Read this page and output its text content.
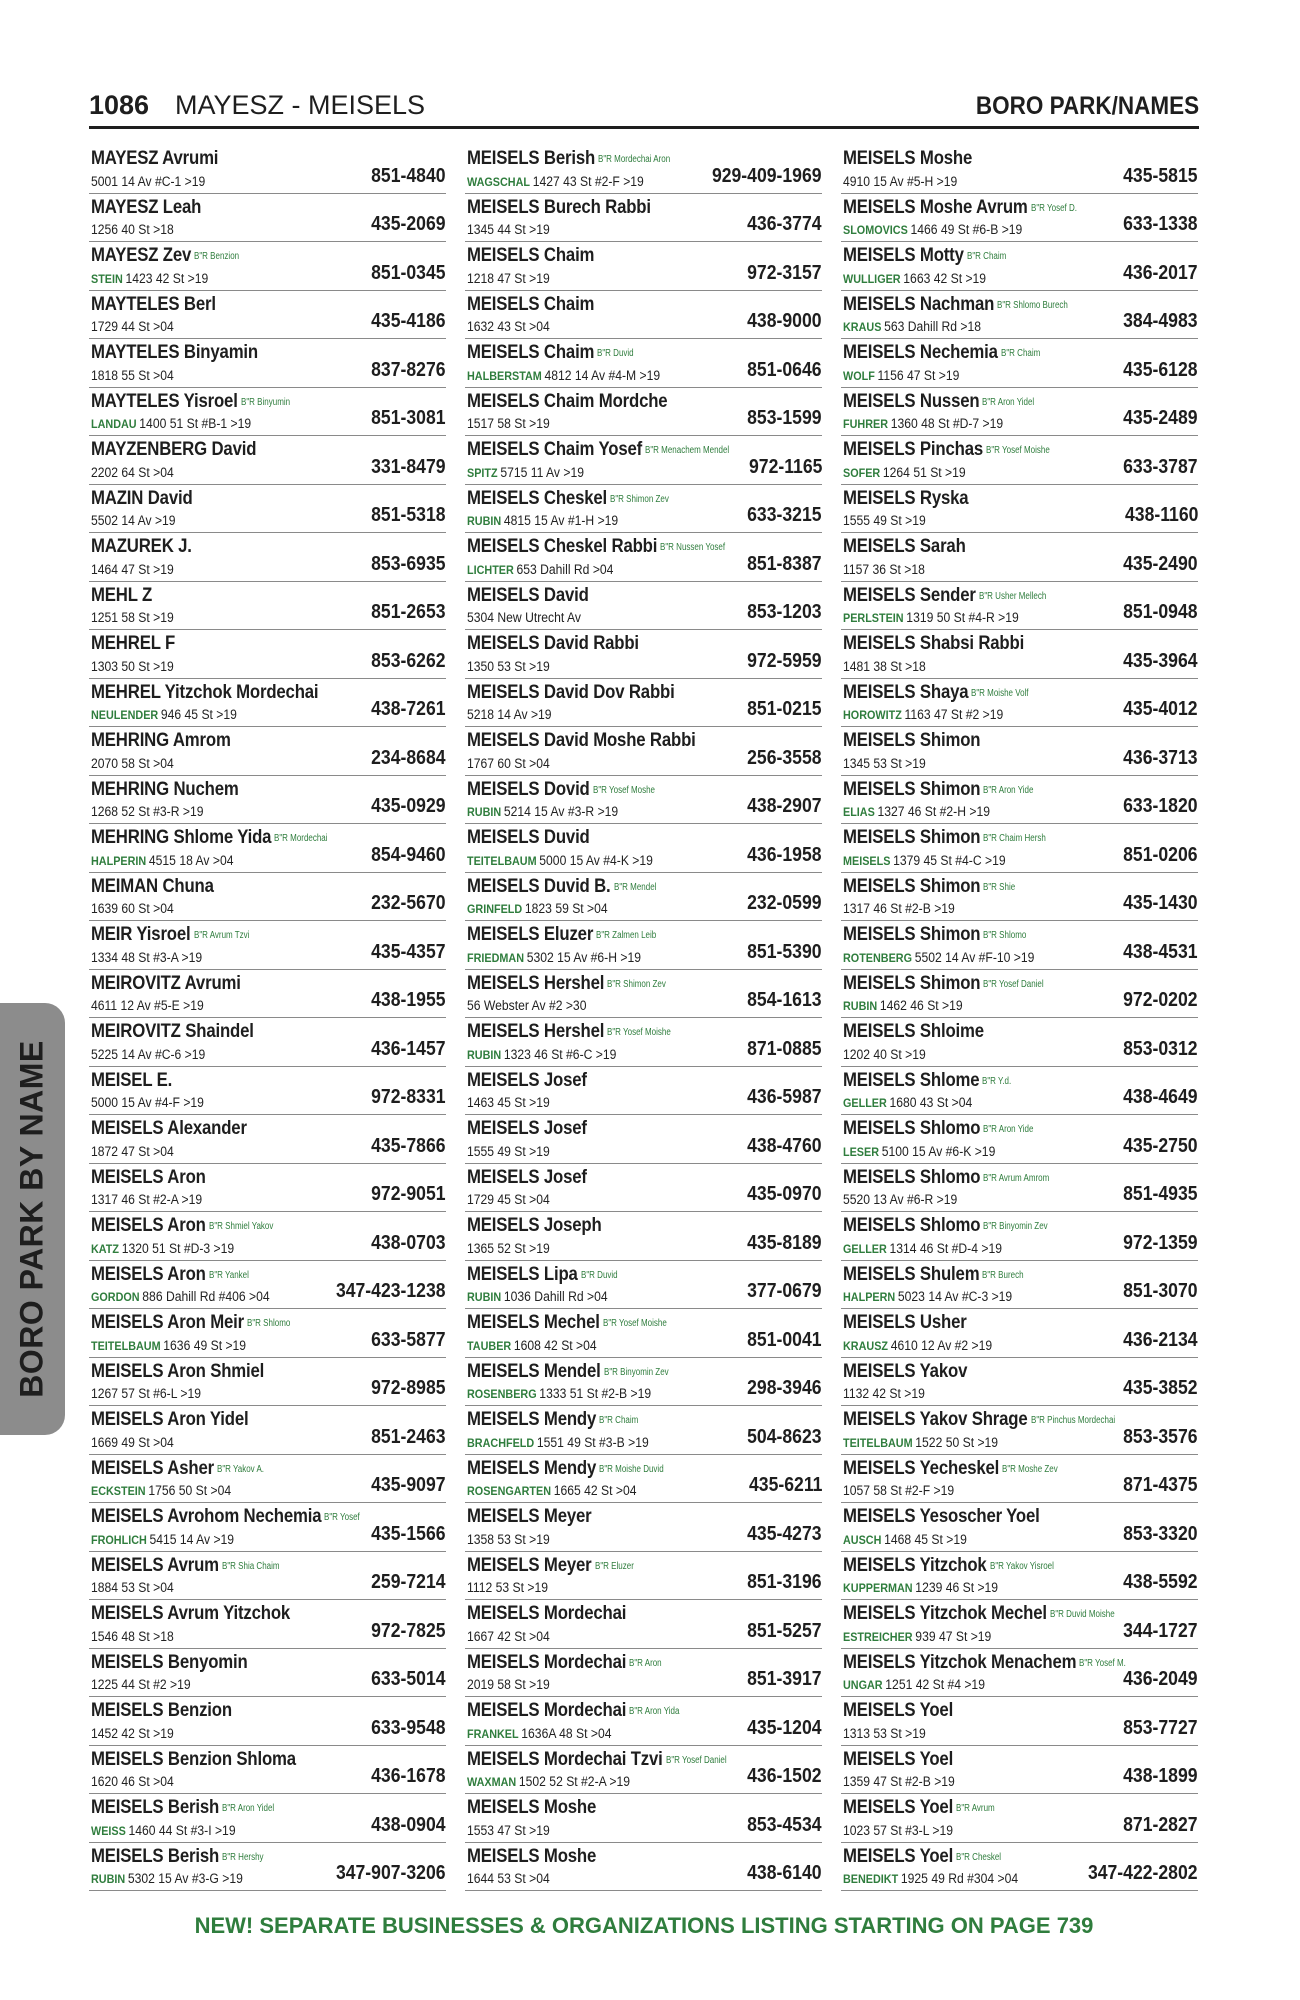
1086 MAYESZ - MEISELS	BORO PARK/NAMES
MAYESZ Avrumi
5001 14 Av #C-1 >19	851-4840
MAYESZ Leah
1256 40 St >18	435-2069
MAYESZ Zev B"R Benzion
STEIN 1423 42 St >19	851-0345
MAYTELES Berl
1729 44 St >04	435-4186
MAYTELES Binyamin
1818 55 St >04	837-8276
MAYTELES Yisroel B"R Binyumin
LANDAU 1400 51 St #B-1 >19	851-3081
MAYZENBERG David
2202 64 St >04	331-8479
MAZIN David
5502 14 Av >19	851-5318
MAZUREK J.
1464 47 St >19	853-6935
MEHL Z
1251 58 St >19	851-2653
MEHREL F
1303 50 St >19	853-6262
MEHREL Yitzchok Mordechai
NEULENDER 946 45 St >19	438-7261
MEHRING Amrom
2070 58 St >04	234-8684
MEHRING Nuchem
1268 52 St #3-R >19	435-0929
MEHRING Shlome Yida B"R Mordechai
HALPERIN 4515 18 Av >04	854-9460
MEIMAN Chuna
1639 60 St >04	232-5670
MEIR Yisroel B"R Avrum Tzvi
1334 48 St #3-A >19	435-4357
MEIROVITZ Avrumi
4611 12 Av #5-E >19	438-1955
MEIROVITZ Shaindel
5225 14 Av #C-6 >19	436-1457
MEISEL E.
5000 15 Av #4-F >19	972-8331
MEISELS Alexander
1872 47 St >04	435-7866
MEISELS Aron
1317 46 St #2-A >19	972-9051
MEISELS Aron B"R Shmiel Yakov
KATZ 1320 51 St #D-3 >19	438-0703
MEISELS Aron B"R Yankel
GORDON 886 Dahill Rd #406 >04	347-423-1238
MEISELS Aron Meir B"R Shlomo
TEITELBAUM 1636 49 St >19	633-5877
MEISELS Aron Shmiel
1267 57 St #6-L >19	972-8985
MEISELS Aron Yidel
1669 49 St >04	851-2463
MEISELS Asher B"R Yakov A.
ECKSTEIN 1756 50 St >04	435-9097
MEISELS Avrohom Nechemia B"R Yosef
FROHLICH 5415 14 Av >19	435-1566
MEISELS Avrum B"R Shia Chaim
1884 53 St >04	259-7214
MEISELS Avrum Yitzchok
1546 48 St >18	972-7825
MEISELS Benyomin
1225 44 St #2 >19	633-5014
MEISELS Benzion
1452 42 St >19	633-9548
MEISELS Benzion Shloma
1620 46 St >04	436-1678
MEISELS Berish B"R Aron Yidel
WEISS 1460 44 St #3-I >19	438-0904
MEISELS Berish B"R Hershy
RUBIN 5302 15 Av #3-G >19	347-907-3206
MEISELS Berish B"R Mordechai Aron
WAGSCHAL 1427 43 St #2-F >19	929-409-1969
MEISELS Burech Rabbi
1345 44 St >19	436-3774
MEISELS Chaim
1218 47 St >19	972-3157
MEISELS Chaim
1632 43 St >04	438-9000
MEISELS Chaim B"R Duvid
HALBERSTAM 4812 14 Av #4-M >19	851-0646
MEISELS Chaim Mordche
1517 58 St >19	853-1599
MEISELS Chaim Yosef B"R Menachem Mendel
SPITZ 5715 11 Av >19	972-1165
MEISELS Cheskel B"R Shimon Zev
RUBIN 4815 15 Av #1-H >19	633-3215
MEISELS Cheskel Rabbi B"R Nussen Yosef
LICHTER 653 Dahill Rd >04	851-8387
MEISELS David
5304 New Utrecht Av	853-1203
MEISELS David Rabbi
1350 53 St >19	972-5959
MEISELS David Dov Rabbi
5218 14 Av >19	851-0215
MEISELS David Moshe Rabbi
1767 60 St >04	256-3558
MEISELS Dovid B"R Yosef Moshe
RUBIN 5214 15 Av #3-R >19	438-2907
MEISELS Duvid
TEITELBAUM 5000 15 Av #4-K >19	436-1958
MEISELS Duvid B. B"R Mendel
GRINFELD 1823 59 St >04	232-0599
MEISELS Eluzer B"R Zalmen Leib
FRIEDMAN 5302 15 Av #6-H >19	851-5390
MEISELS Hershel B"R Shimon Zev
56 Webster Av #2 >30	854-1613
MEISELS Hershel B"R Yosef Moishe
RUBIN 1323 46 St #6-C >19	871-0885
MEISELS Josef
1463 45 St >19	436-5987
MEISELS Josef
1555 49 St >19	438-4760
MEISELS Josef
1729 45 St >04	435-0970
MEISELS Joseph
1365 52 St >19	435-8189
MEISELS Lipa B"R Duvid
RUBIN 1036 Dahill Rd >04	377-0679
MEISELS Mechel B"R Yosef Moishe
TAUBER 1608 42 St >04	851-0041
MEISELS Mendel B"R Binyomin Zev
ROSENBERG 1333 51 St #2-B >19	298-3946
MEISELS Mendy B"R Chaim
BRACHFELD 1551 49 St #3-B >19	504-8623
MEISELS Mendy B"R Moishe Duvid
ROSENGARTEN 1665 42 St >04	435-6211
MEISELS Meyer
1358 53 St >19	435-4273
MEISELS Meyer B"R Eluzer
1112 53 St >19	851-3196
MEISELS Mordechai
1667 42 St >04	851-5257
MEISELS Mordechai B"R Aron
2019 58 St >19	851-3917
MEISELS Mordechai B"R Aron Yida
FRANKEL 1636A 48 St >04	435-1204
MEISELS Mordechai Tzvi B"R Yosef Daniel
WAXMAN 1502 52 St #2-A >19	436-1502
MEISELS Moshe
1553 47 St >19	853-4534
MEISELS Moshe
1644 53 St >04	438-6140
MEISELS Moshe
4910 15 Av #5-H >19	435-5815
MEISELS Moshe Avrum B"R Yosef D.
SLOMOVICS 1466 49 St #6-B >19	633-1338
MEISELS Motty B"R Chaim
WULLIGER 1663 42 St >19	436-2017
MEISELS Nachman B"R Shlomo Burech
KRAUS 563 Dahill Rd >18	384-4983
MEISELS Nechemia B"R Chaim
WOLF 1156 47 St >19	435-6128
MEISELS Nussen B"R Aron Yidel
FUHRER 1360 48 St #D-7 >19	435-2489
MEISELS Pinchas B"R Yosef Moishe
SOFER 1264 51 St >19	633-3787
MEISELS Ryska
1555 49 St >19	438-1160
MEISELS Sarah
1157 36 St >18	435-2490
MEISELS Sender B"R Usher Mellech
PERLSTEIN 1319 50 St #4-R >19	851-0948
MEISELS Shabsi Rabbi
1481 38 St >18	435-3964
MEISELS Shaya B"R Moishe Volf
HOROWITZ 1163 47 St #2 >19	435-4012
MEISELS Shimon
1345 53 St >19	436-3713
MEISELS Shimon B"R Aron Yide
ELIAS 1327 46 St #2-H >19	633-1820
MEISELS Shimon B"R Chaim Hersh
MEISELS 1379 45 St #4-C >19	851-0206
MEISELS Shimon B"R Shie
1317 46 St #2-B >19	435-1430
MEISELS Shimon B"R Shlomo
ROTENBERG 5502 14 Av #F-10 >19	438-4531
MEISELS Shimon B"R Yosef Daniel
RUBIN 1462 46 St >19	972-0202
MEISELS Shloime
1202 40 St >19	853-0312
MEISELS Shlome B"R Y.d.
GELLER 1680 43 St >04	438-4649
MEISELS Shlomo B"R Aron Yide
LESER 5100 15 Av #6-K >19	435-2750
MEISELS Shlomo B"R Avrum Amrom
5520 13 Av #6-R >19	851-4935
MEISELS Shlomo B"R Binyomin Zev
GELLER 1314 46 St #D-4 >19	972-1359
MEISELS Shulem B"R Burech
HALPERN 5023 14 Av #C-3 >19	851-3070
MEISELS Usher
KRAUSZ 4610 12 Av #2 >19	436-2134
MEISELS Yakov
1132 42 St >19	435-3852
MEISELS Yakov Shrage B"R Pinchus Mordechai
TEITELBAUM 1522 50 St >19	853-3576
MEISELS Yecheskel B"R Moshe Zev
1057 58 St #2-F >19	871-4375
MEISELS Yesoscher Yoel
AUSCH 1468 45 St >19	853-3320
MEISELS Yitzchok B"R Yakov Yisroel
KUPPERMAN 1239 46 St >19	438-5592
MEISELS Yitzchok Mechel B"R Duvid Moishe
ESTREICHER 939 47 St >19	344-1727
MEISELS Yitzchok Menachem B"R Yosef M.
UNGAR 1251 42 St #4 >19	436-2049
MEISELS Yoel
1313 53 St >19	853-7727
MEISELS Yoel
1359 47 St #2-B >19	438-1899
MEISELS Yoel B"R Avrum
1023 57 St #3-L >19	871-2827
MEISELS Yoel B"R Cheskel
BENEDIKT 1925 49 Rd #304 >04	347-422-2802
BORO PARK BY NAME
NEW! SEPARATE BUSINESSES & ORGANIZATIONS LISTING STARTING ON PAGE 739
